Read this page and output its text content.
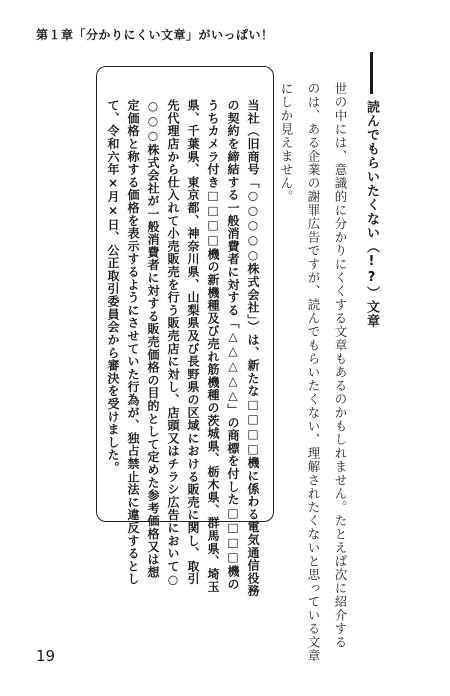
第１章「分かりにくい文章」がいっぱい！
読んでもらいたくない（!?）文章
世の中には、意識的に分かりにくくする文章もあるのかもしれません。たとえば次に紹介する
のは、ある企業の謝罪広告ですが、読んでもらいたくない、理解されたくないと思っている文章
にしか見えません。
当社（旧商号「○○○○○株式会社」）は、新たな□□□□機に係わる電気通信役務
の契約を締結する一般消費者に対する「△△△△△」の商標を付した□□□□機の
うちカメラ付き□□□□機の新機種及び売れ筋機種の茨城県、栃木県、群馬県、埼玉
県、千葉県、東京都、神奈川県、山梨県及び長野県の区域における販売に関し、取引
先代理店から仕入れて小売販売を行う販売店に対し、店頭又はチラシ広告において○
○○○株式会社が一般消費者に対する販売価格の目的として定めた参考価格又は想
定価格と称する価格を表示するようにさせていた行為が、独占禁止法に違反するとし
て、令和六年×月×日、公正取引委員会から審決を受けました。
19
